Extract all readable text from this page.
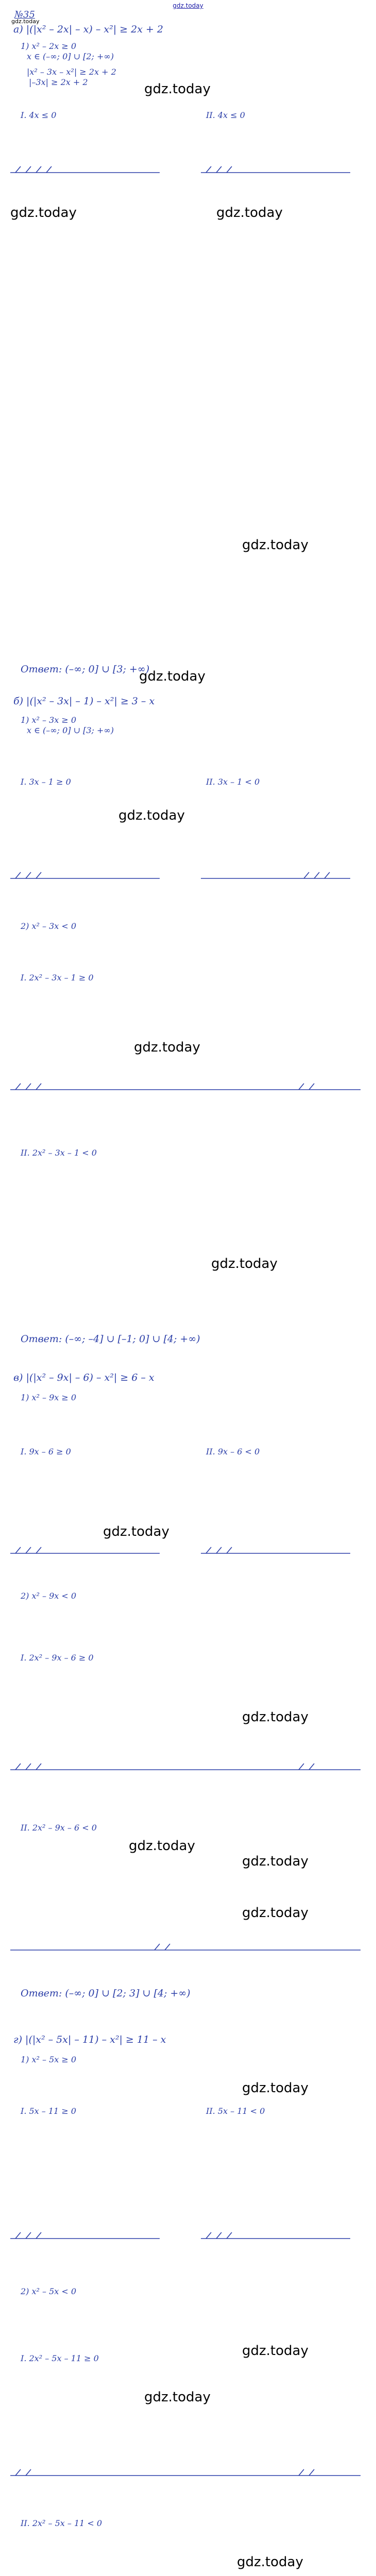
gdz.today
№35
a) |(|x² – 2x| – x) – x²| ≥ 2x + 2
1) x² – 2x ≥ 0
x ∈ (–∞; 0] ∪ [2; +∞)
|x² – 3x – x²| ≥ 2x + 2
|–3x| ≥ 2x + 2
I. 4x ≤ 0	II. 4x ≤ 0
Ответ: (–∞; 0] ∪ [3; +∞)
б) |(|x² – 3x| – 1) – x²| ≥ 3 – x
1) x² – 3x ≥ 0
x ∈ (–∞; 0] ∪ [3; +∞)
I. 3x – 1 ≥ 0	II. 3x – 1 < 0
2) x² – 3x < 0
I. 2x² – 3x – 1 ≥ 0
II. 2x² – 3x – 1 < 0
Ответ: (–∞; –4] ∪ [–1; 0] ∪ [4; +∞)
в) |(|x² – 9x| – 6) – x²| ≥ 6 – x
1) x² – 9x ≥ 0
I. 9x – 6 ≥ 0	II. 9x – 6 < 0
2) x² – 9x < 0
I. 2x² – 9x – 6 ≥ 0
II. 2x² – 9x – 6 < 0
Ответ: (–∞; 0] ∪ [2; 3] ∪ [4; +∞)
г) |(|x² – 5x| – 11) – x²| ≥ 11 – x
1) x² – 5x ≥ 0
I. 5x – 11 ≥ 0	II. 5x – 11 < 0
2) x² – 5x < 0
I. 2x² – 5x – 11 ≥ 0
II. 2x² – 5x – 11 < 0
gdz.today
gdz.today
gdz.today	gdz.today
gdz.today
gdz.today
gdz.today
gdz.today
gdz.today
gdz.today
gdz.today
gdz.today
gdz.today
gdz.today
gdz.today
gdz.today
gdz.today
gdz.today
